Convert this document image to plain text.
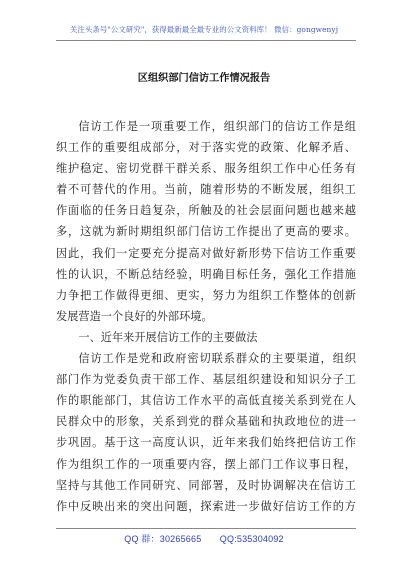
关注头条号"公文研究"，获得最新最全最专业的公文资料库！ 微信：gongwenyj
区组织部门信访工作情况报告
信访工作是一项重要工作，组织部门的信访工作是组
织工作的重要组成部分，对于落实党的政策、化解矛盾、
维护稳定、密切党群干群关系、服务组织工作中心任务有
着不可替代的作用。当前，随着形势的不断发展，组织工
作面临的任务日趋复杂，所触及的社会层面问题也越来越
多，这就为新时期组织部门信访工作提出了更高的要求。
因此，我们一定要充分提高对做好新形势下信访工作重要
性的认识，不断总结经验，明确目标任务，强化工作措施
力争把工作做得更细、更实，努力为组织工作整体的创新
发展营造一个良好的外部环境。
一、近年来开展信访工作的主要做法
信访工作是党和政府密切联系群众的主要渠道，组织
部门作为党委负责干部工作、基层组织建设和知识分子工
作的职能部门，其信访工作水平的高低直接关系到党在人
民群众中的形象，关系到党的群众基础和执政地位的进一
步巩固。基于这一高度认识，近年来我们始终把信访工作
作为组织工作的一项重要内容，摆上部门工作议事日程，
坚持与其他工作同研究、同部署，及时协调解决在信访工
作中反映出来的突出问题，探索进一步做好信访工作的方
QQ 群：30265665　　QQ:535304092
